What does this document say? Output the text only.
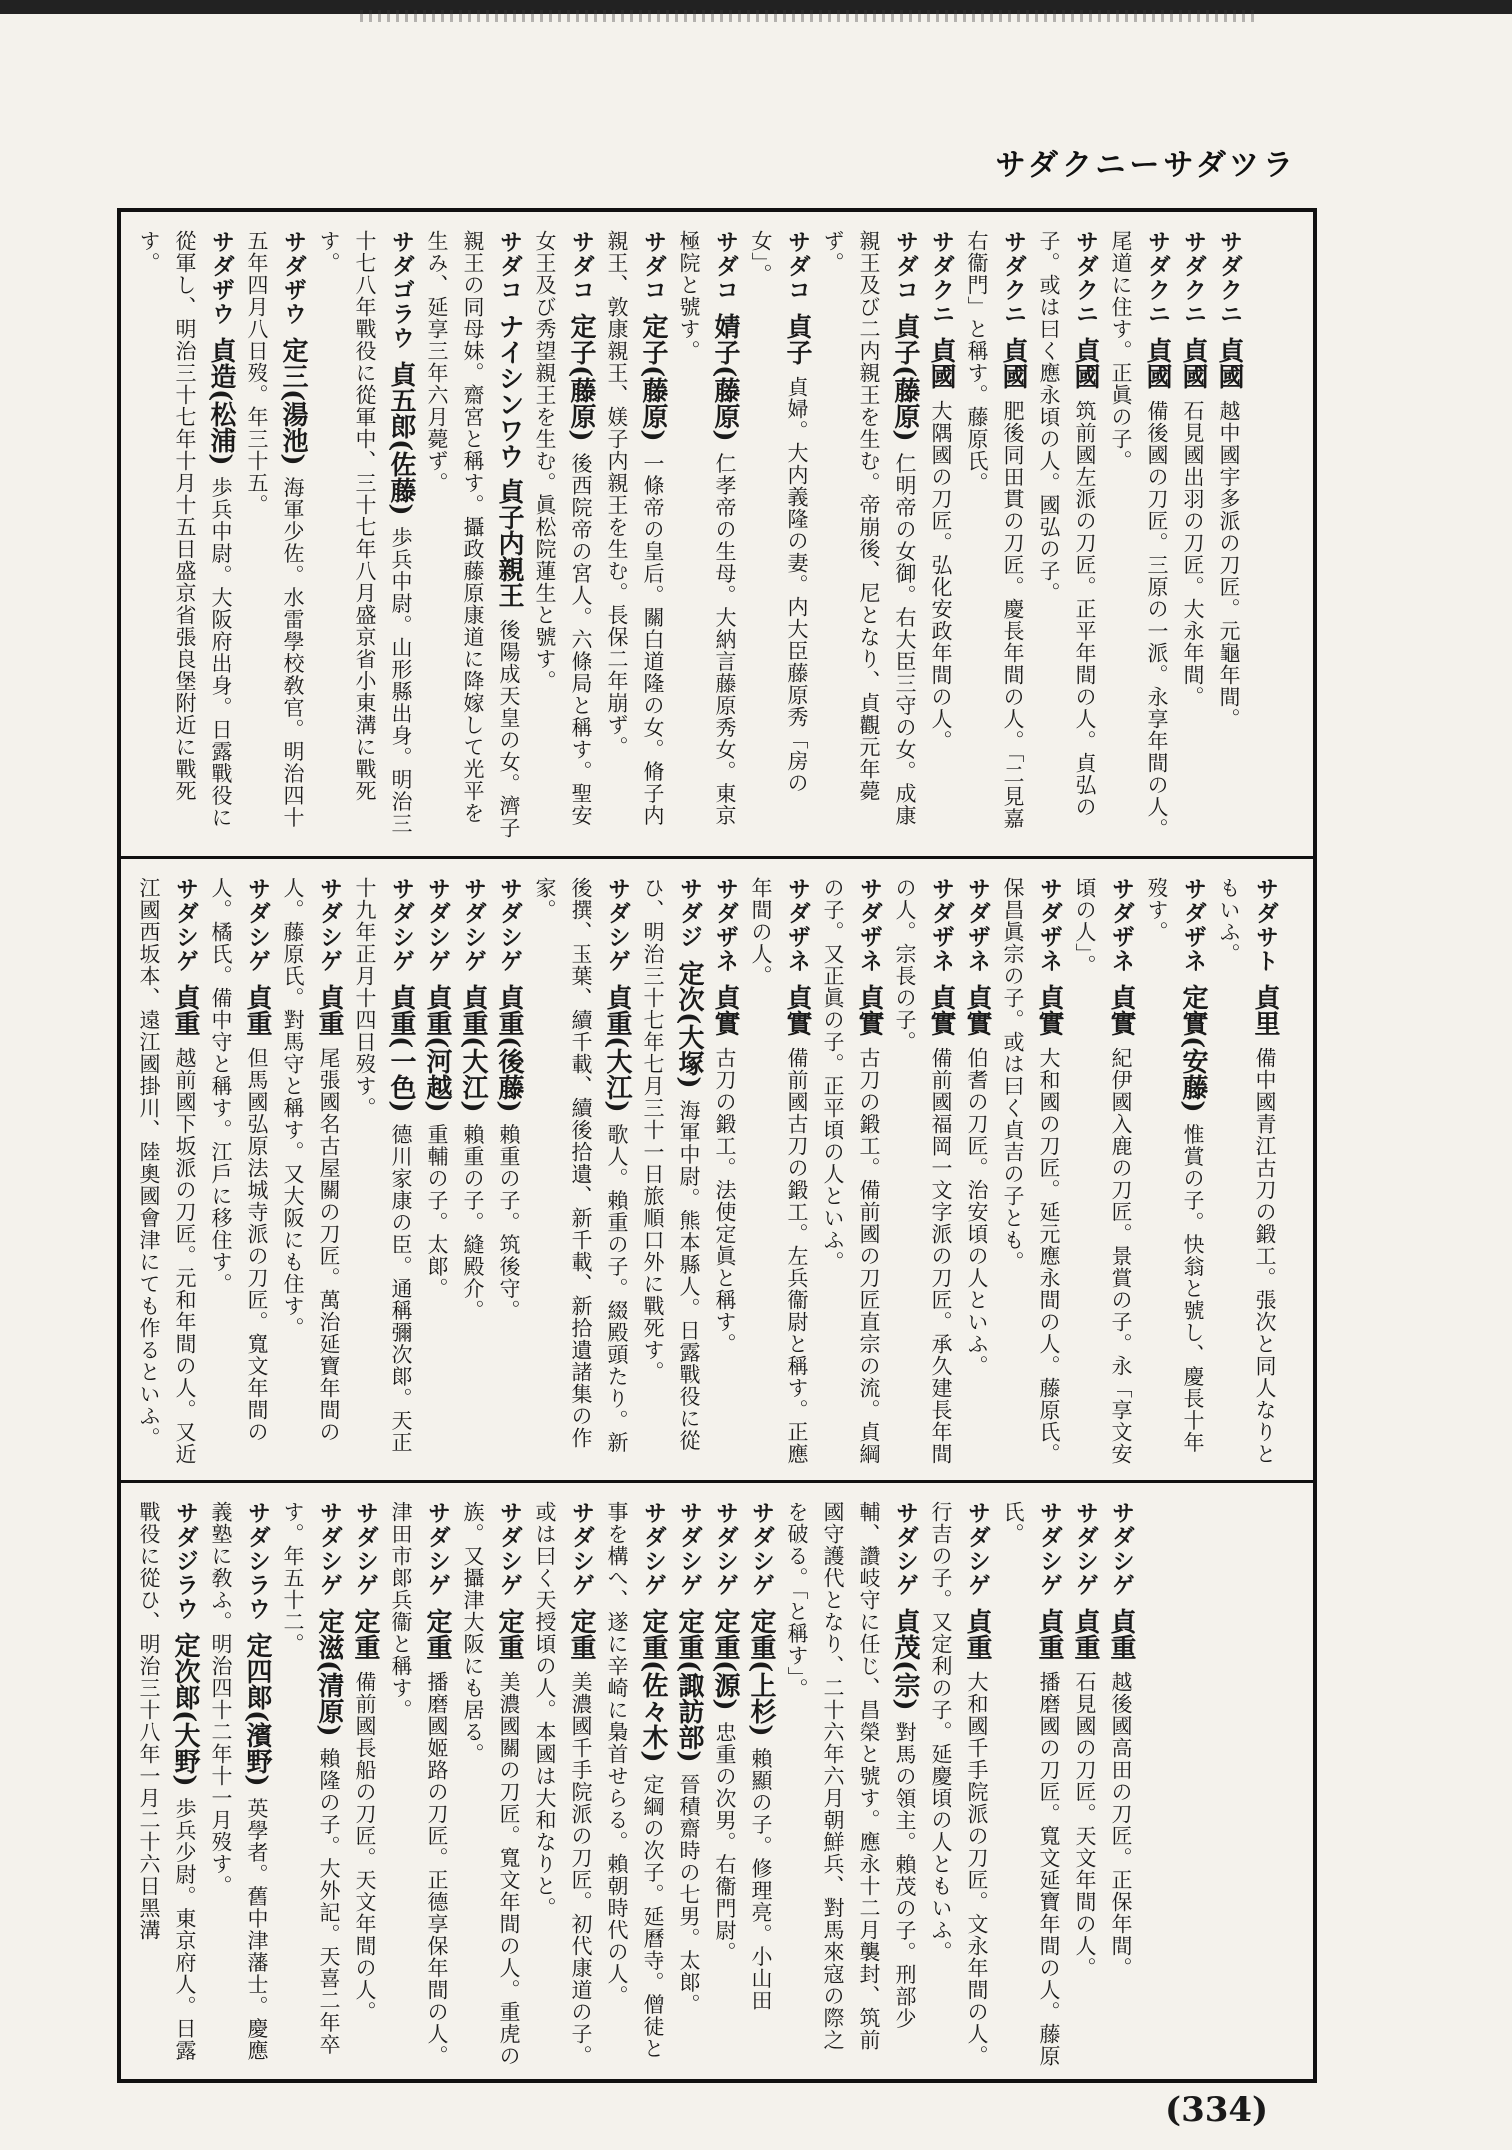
サダクニーサダツラ
サダクニ 貞國 越中國宇多派の刀匠。元龜年間。
サダクニ 貞國 石見國出羽の刀匠。大永年間。
サダクニ 貞國 備後國の刀匠。三原の一派。永享年間の人。尾道に住す。正眞の子。
サダクニ 貞國 筑前國左派の刀匠。正平年間の人。貞弘の子。或は曰く應永頃の人。國弘の子。
サダクニ 貞國 肥後同田貫の刀匠。慶長年間の人。「二見嘉右衞門」と稱す。藤原氏。
サダクニ 貞國 大隅國の刀匠。弘化安政年間の人。
サダコ 貞子(藤原) 仁明帝の女御。右大臣三守の女。成康親王及び二内親王を生む。帝崩後、尼となり、貞觀元年薨ず。
サダコ 貞子 貞婦。大内義隆の妻。内大臣藤原秀「房の女」。
サダコ 婧子(藤原) 仁孝帝の生母。大納言藤原秀女。東京極院と號す。
サダコ 定子(藤原) 一條帝の皇后。關白道隆の女。脩子内親王、敦康親王、媄子内親王を生む。長保二年崩ず。
サダコ 定子(藤原) 後西院帝の宮人。六條局と稱す。聖安女王及び秀望親王を生む。眞松院蓮生と號す。
サダコ ナイシンワウ 貞子内親王 後陽成天皇の女。濟子親王の同母妹。齋宮と稱す。攝政藤原康道に降嫁して光平を生み、延享三年六月薨ず。
サダゴラウ 貞五郎(佐藤) 歩兵中尉。山形縣出身。明治三十七八年戰役に從軍中、三十七年八月盛京省小東溝に戰死す。
サダザウ 定三(湯池) 海軍少佐。水雷學校敎官。明治四十五年四月八日歿。年三十五。
サダザウ 貞造(松浦) 歩兵中尉。大阪府出身。日露戰役に從軍し、明治三十七年十月十五日盛京省張良堡附近に戰死す。
サダサト 貞里 備中國青江古刀の鍛工。張次と同人なりともいふ。
サダザネ 定實(安藤) 惟賞の子。快翁と號し、慶長十年歿す。
サダザネ 貞實 紀伊國入鹿の刀匠。景賞の子。永「享文安頃の人」。
サダザネ 貞實 大和國の刀匠。延元應永間の人。藤原氏。保昌眞宗の子。或は曰く貞吉の子とも。
サダザネ 貞實 伯耆の刀匠。治安頃の人といふ。
サダザネ 貞實 備前國福岡一文字派の刀匠。承久建長年間の人。宗長の子。
サダザネ 貞實 古刀の鍛工。備前國の刀匠直宗の流。貞綱の子。又正眞の子。正平頃の人といふ。
サダザネ 貞實 備前國古刀の鍛工。左兵衞尉と稱す。正應年間の人。
サダザネ 貞實 古刀の鍛工。法使定眞と稱す。
サダジ 定次(大塚) 海軍中尉。熊本縣人。日露戰役に從ひ、明治三十七年七月三十一日旅順口外に戰死す。
サダシゲ 貞重(大江) 歌人。賴重の子。綴殿頭たり。新後撰、玉葉、續千載、續後拾遺、新千載、新拾遺諸集の作家。
サダシゲ 貞重(後藤) 賴重の子。筑後守。
サダシゲ 貞重(大江) 賴重の子。縫殿介。
サダシゲ 貞重(河越) 重輔の子。太郞。
サダシゲ 貞重(一色) 德川家康の臣。通稱彌次郞。天正十九年正月十四日歿す。
サダシゲ 貞重 尾張國名古屋關の刀匠。萬治延寶年間の人。藤原氏。對馬守と稱す。又大阪にも住す。
サダシゲ 貞重 但馬國弘原法城寺派の刀匠。寬文年間の人。橘氏。備中守と稱す。江戶に移住す。
サダシゲ 貞重 越前國下坂派の刀匠。元和年間の人。又近江國西坂本、遠江國掛川、陸奧國會津にても作るといふ。
サダシゲ 貞重 越後國高田の刀匠。正保年間。
サダシゲ 貞重 石見國の刀匠。天文年間の人。
サダシゲ 貞重 播磨國の刀匠。寬文延寶年間の人。藤原氏。
サダシゲ 貞重 大和國千手院派の刀匠。文永年間の人。行吉の子。又定利の子。延慶頃の人ともいふ。
サダシゲ 貞茂(宗) 對馬の領主。賴茂の子。刑部少輔、讚岐守に任じ、昌榮と號す。應永十二月襲封、筑前國守護代となり、二十六年六月朝鮮兵、對馬來寇の際之を破る。「と稱す」。
サダシゲ 定重(上杉) 賴顯の子。修理亮。小山田
サダシゲ 定重(源) 忠重の次男。右衞門尉。
サダシゲ 定重(諏訪部) 晉積齋時の七男。太郞。
サダシゲ 定重(佐々木) 定綱の次子。延曆寺。僧徒と事を構へ、遂に辛崎に梟首せらる。賴朝時代の人。
サダシゲ 定重 美濃國千手院派の刀匠。初代康道の子。或は曰く天授頃の人。本國は大和なりと。
サダシゲ 定重 美濃國關の刀匠。寬文年間の人。重虎の族。又攝津大阪にも居る。
サダシゲ 定重 播磨國姬路の刀匠。正德享保年間の人。津田市郞兵衞と稱す。
サダシゲ 定重 備前國長船の刀匠。天文年間の人。
サダシゲ 定滋(清原) 賴隆の子。大外記。天喜二年卒す。年五十二。
サダシラウ 定四郞(濱野) 英學者。舊中津藩士。慶應義塾に敎ふ。明治四十二年十一月歿す。
サダジラウ 定次郞(大野) 歩兵少尉。東京府人。日露戰役に從ひ、明治三十八年一月二十六日黑溝
(334)
